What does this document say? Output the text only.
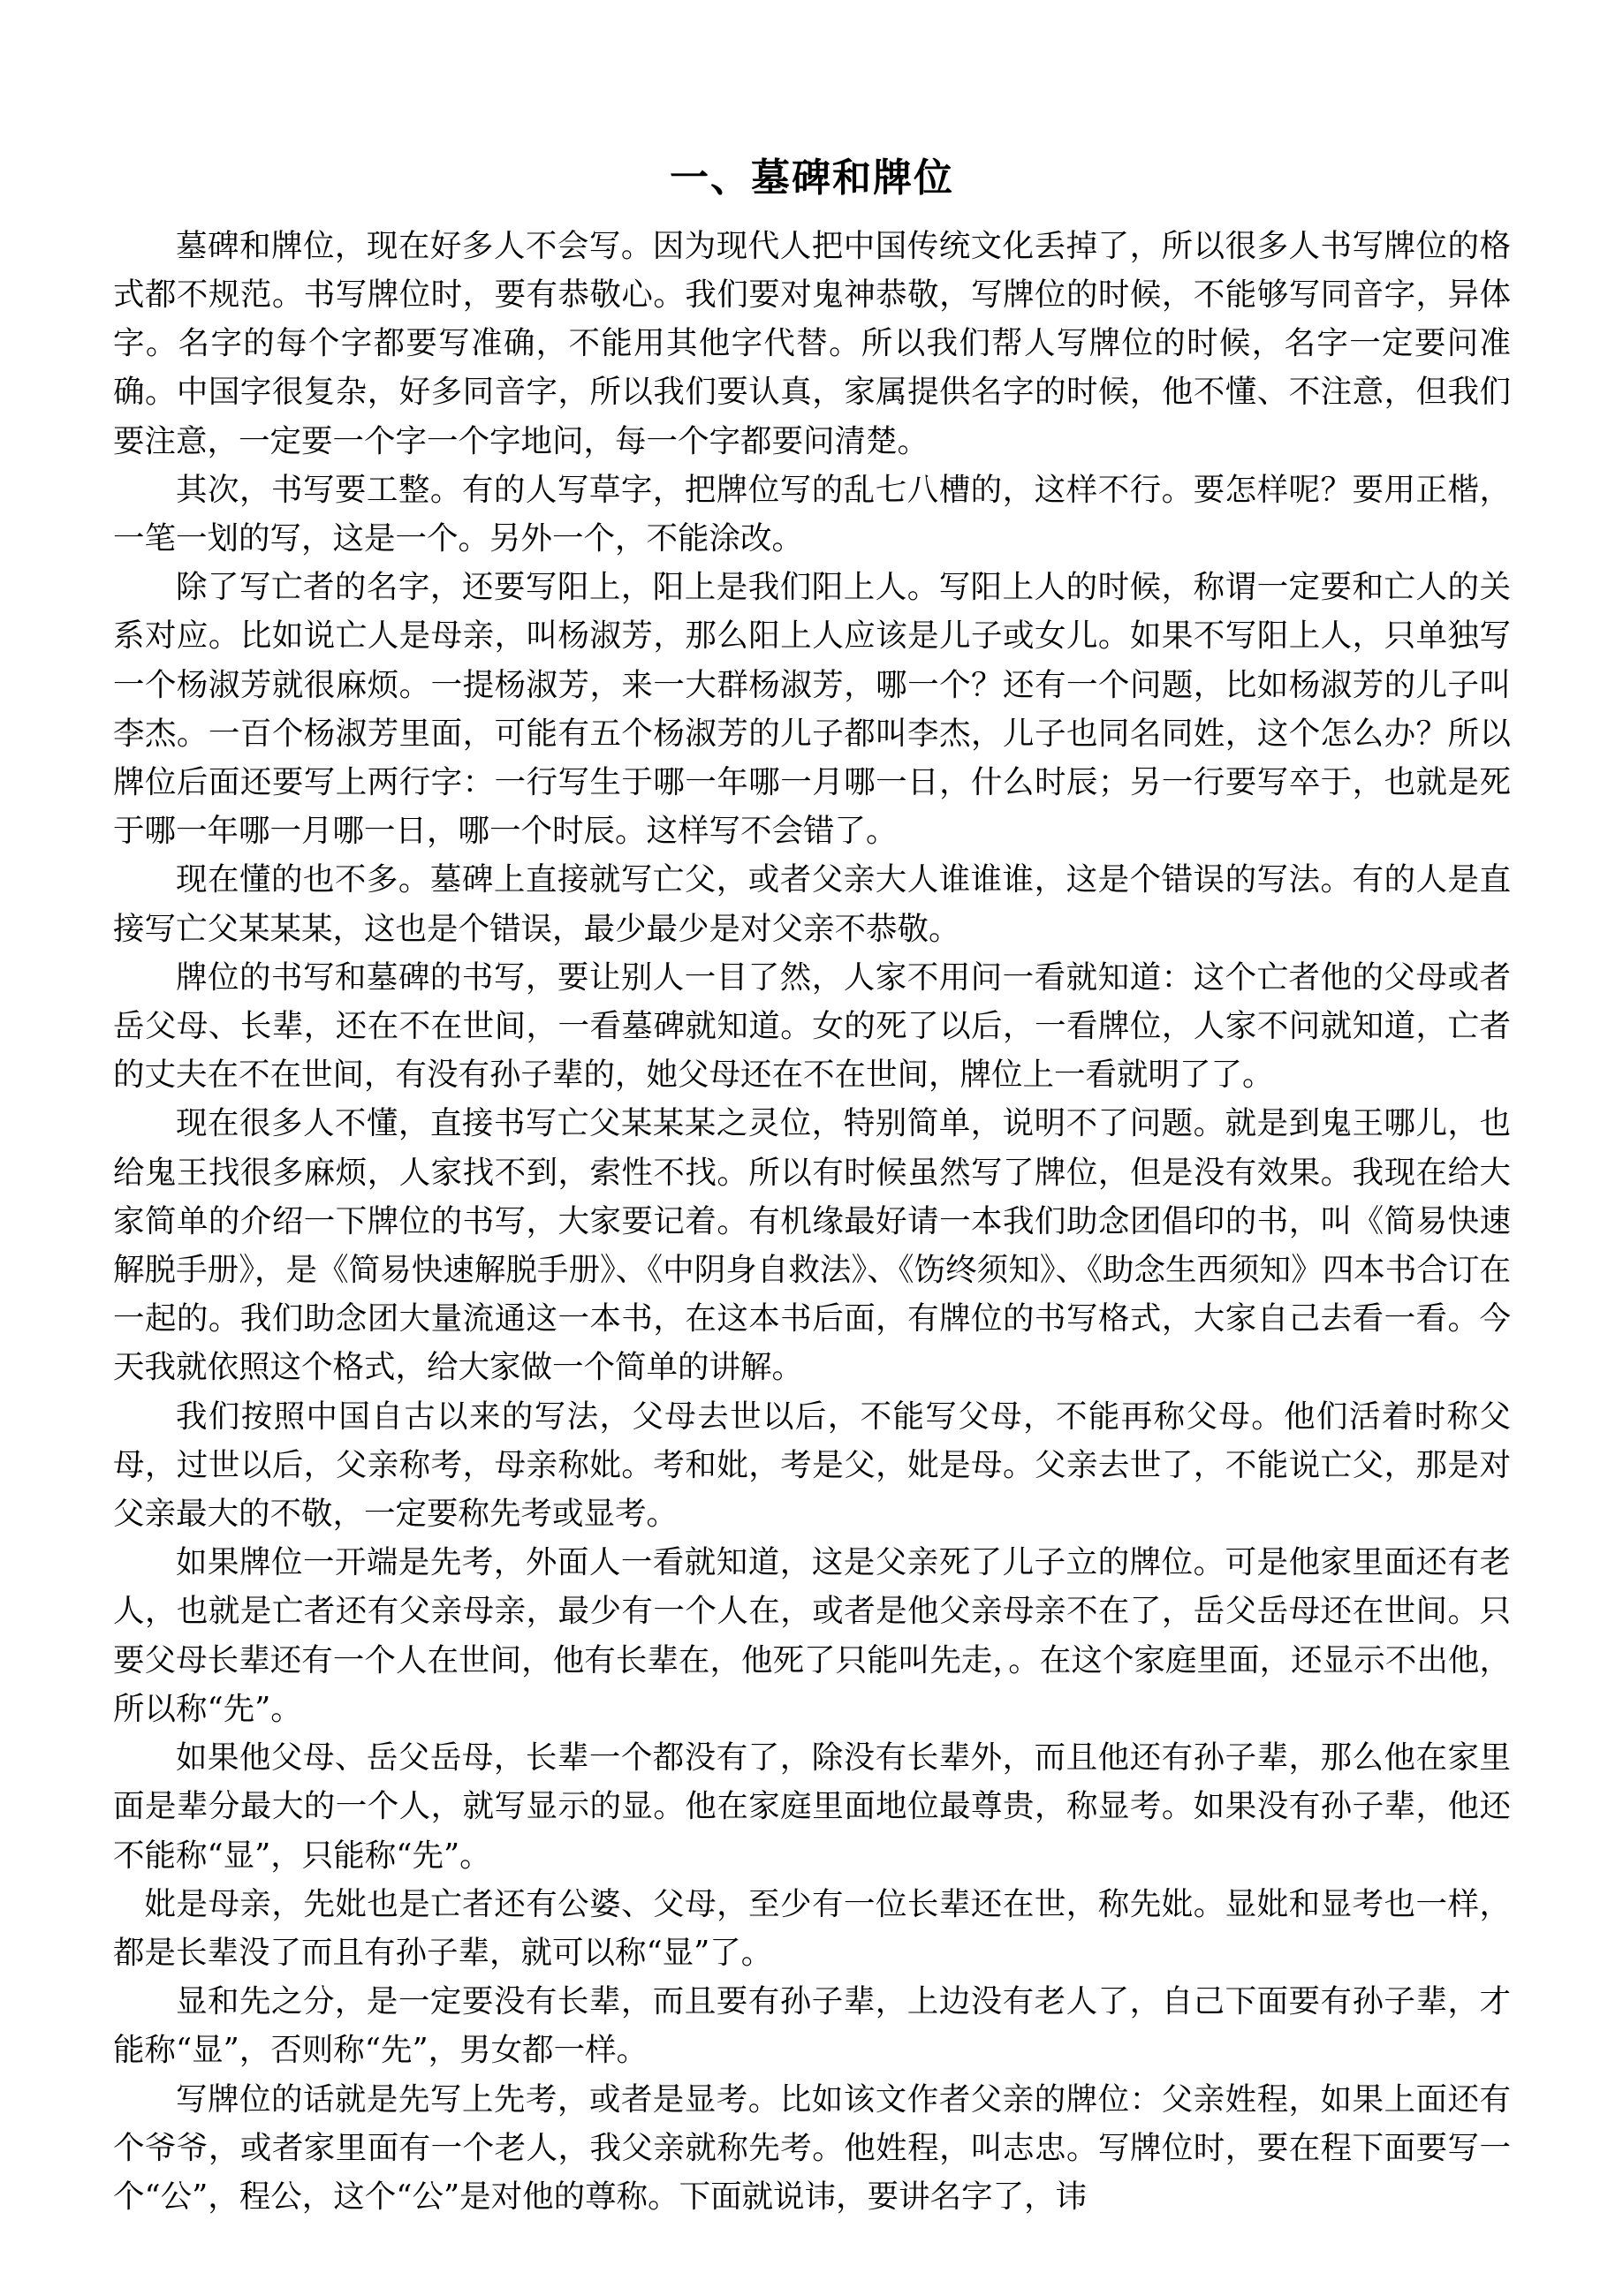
一、墓碑和牌位

墓碑和牌位，现在好多人不会写。因为现代人把中国传统文化丢掉了，所以很多人书写牌位的格式都不规范。书写牌位时，要有恭敬心。我们要对鬼神恭敬，写牌位的时候，不能够写同音字，异体字。名字的每个字都要写准确，不能用其他字代替。所以我们帮人写牌位的时候，名字一定要问准确。中国字很复杂，好多同音字，所以我们要认真，家属提供名字的时候，他不懂、不注意，但我们要注意，一定要一个字一个字地问，每一个字都要问清楚。

其次，书写要工整。有的人写草字，把牌位写的乱七八槽的，这样不行。要怎样呢？要用正楷，一笔一划的写，这是一个。另外一个，不能涂改。

除了写亡者的名字，还要写阳上，阳上是我们阳上人。写阳上人的时候，称谓一定要和亡人的关系对应。比如说亡人是母亲，叫杨淑芳，那么阳上人应该是儿子或女儿。如果不写阳上人，只单独写一个杨淑芳就很麻烦。一提杨淑芳，来一大群杨淑芳，哪一个？还有一个问题，比如杨淑芳的儿子叫李杰。一百个杨淑芳里面，可能有五个杨淑芳的儿子都叫李杰，儿子也同名同姓，这个怎么办？所以牌位后面还要写上两行字：一行写生于哪一年哪一月哪一日，什么时辰；另一行要写卒于，也就是死于哪一年哪一月哪一日，哪一个时辰。这样写不会错了。

现在懂的也不多。墓碑上直接就写亡父，或者父亲大人谁谁谁，这是个错误的写法。有的人是直接写亡父某某某，这也是个错误，最少最少是对父亲不恭敬。

牌位的书写和墓碑的书写，要让别人一目了然，人家不用问一看就知道：这个亡者他的父母或者岳父母、长辈，还在不在世间，一看墓碑就知道。女的死了以后，一看牌位，人家不问就知道，亡者的丈夫在不在世间，有没有孙子辈的，她父母还在不在世间，牌位上一看就明了了。

现在很多人不懂，直接书写亡父某某某之灵位，特别简单，说明不了问题。就是到鬼王哪儿，也给鬼王找很多麻烦，人家找不到，索性不找。所以有时候虽然写了牌位，但是没有效果。我现在给大家简单的介绍一下牌位的书写，大家要记着。有机缘最好请一本我们助念团倡印的书，叫《简易快速解脱手册》，是《简易快速解脱手册》、《中阴身自救法》、《饬终须知》、《助念生西须知》四本书合订在一起的。我们助念团大量流通这一本书，在这本书后面，有牌位的书写格式，大家自己去看一看。今天我就依照这个格式，给大家做一个简单的讲解。

我们按照中国自古以来的写法，父母去世以后，不能写父母，不能再称父母。他们活着时称父母，过世以后，父亲称考，母亲称妣。考和妣，考是父，妣是母。父亲去世了，不能说亡父，那是对父亲最大的不敬，一定要称先考或显考。

如果牌位一开端是先考，外面人一看就知道，这是父亲死了儿子立的牌位。可是他家里面还有老人，也就是亡者还有父亲母亲，最少有一个人在，或者是他父亲母亲不在了，岳父岳母还在世间。只要父母长辈还有一个人在世间，他有长辈在，他死了只能叫先走，。在这个家庭里面，还显示不出他，所以称“先”。

如果他父母、岳父岳母，长辈一个都没有了，除没有长辈外，而且他还有孙子辈，那么他在家里面是辈分最大的一个人，就写显示的显。他在家庭里面地位最尊贵，称显考。如果没有孙子辈，他还不能称“显”，只能称“先”。

妣是母亲，先妣也是亡者还有公婆、父母，至少有一位长辈还在世，称先妣。显妣和显考也一样，都是长辈没了而且有孙子辈，就可以称“显”了。

显和先之分，是一定要没有长辈，而且要有孙子辈，上边没有老人了，自己下面要有孙子辈，才能称“显”，否则称“先”，男女都一样。

写牌位的话就是先写上先考，或者是显考。比如该文作者父亲的牌位：父亲姓程，如果上面还有个爷爷，或者家里面有一个老人，我父亲就称先考。他姓程，叫志忠。写牌位时，要在程下面要写一个“公”，程公，这个“公”是对他的尊称。下面就说讳，要讲名字了，讳
